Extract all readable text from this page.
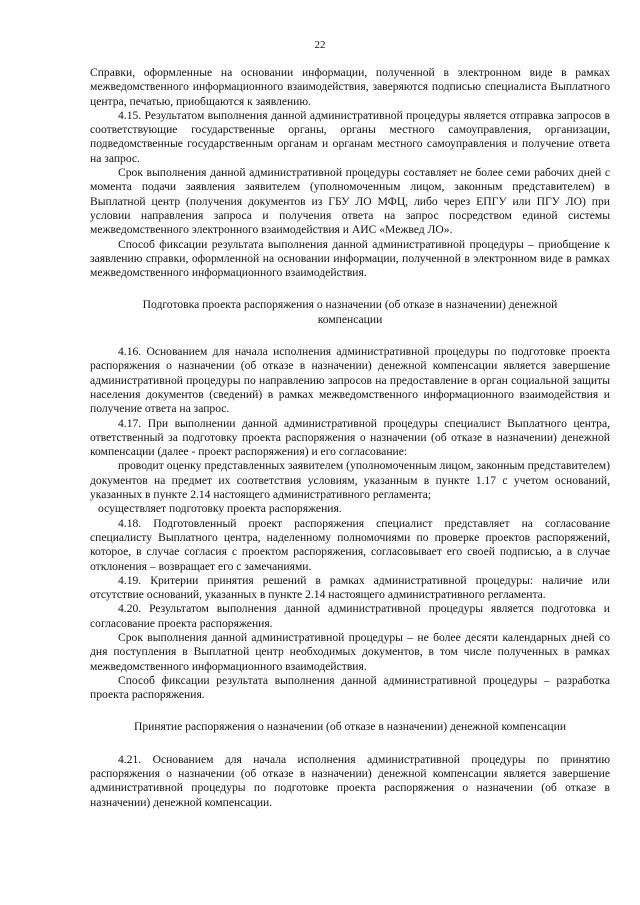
22

Справки, оформленные на основании информации, полученной в электронном виде в рамках межведомственного информационного взаимодействия, заверяются подписью специалиста Выплатного центра, печатью, приобщаются к заявлению.

4.15. Результатом выполнения данной административной процедуры является отправка запросов в соответствующие государственные органы, органы местного самоуправления, организации, подведомственные государственным органам и органам местного самоуправления и получение ответа на запрос.

Срок выполнения данной административной процедуры составляет не более семи рабочих дней с момента подачи заявления заявителем (уполномоченным лицом, законным представителем) в Выплатной центр (получения документов из ГБУ ЛО МФЦ, либо через ЕПГУ или ПГУ ЛО) при условии направления запроса и получения ответа на запрос посредством единой системы межведомственного электронного взаимодействия и АИС «Межвед ЛО».

Способ фиксации результата выполнения данной административной процедуры – приобщение к заявлению справки, оформленной на основании информации, полученной в электронном виде в рамках межведомственного информационного взаимодействия.

Подготовка проекта распоряжения о назначении (об отказе в назначении) денежной компенсации

4.16. Основанием для начала исполнения административной процедуры по подготовке проекта распоряжения о назначении (об отказе в назначении) денежной компенсации является завершение административной процедуры по направлению запросов на предоставление в орган социальной защиты населения документов (сведений) в рамках межведомственного информационного взаимодействия и получение ответа на запрос.

4.17. При выполнении данной административной процедуры специалист Выплатного центра, ответственный за подготовку проекта распоряжения о назначении (об отказе в назначении) денежной компенсации (далее - проект распоряжения) и его согласование:

проводит оценку представленных заявителем (уполномоченным лицом, законным представителем) документов на предмет их соответствия условиям, указанным в пункте 1.17 с учетом оснований, указанных в пункте 2.14 настоящего административного регламента;

осуществляет подготовку проекта распоряжения.

4.18. Подготовленный проект распоряжения специалист представляет на согласование специалисту Выплатного центра, наделенному полномочиями по проверке проектов распоряжений, которое, в случае согласия с проектом распоряжения, согласовывает его своей подписью, а в случае отклонения – возвращает его с замечаниями.

4.19. Критерии принятия решений в рамках административной процедуры: наличие или отсутствие оснований, указанных в пункте 2.14 настоящего административного регламента.

4.20. Результатом выполнения данной административной процедуры является подготовка и согласование проекта распоряжения.

Срок выполнения данной административной процедуры – не более десяти календарных дней со дня поступления в Выплатной центр необходимых документов, в том числе полученных в рамках межведомственного информационного взаимодействия.

Способ фиксации результата выполнения данной административной процедуры – разработка проекта распоряжения.

Принятие распоряжения о назначении (об отказе в назначении) денежной компенсации

4.21. Основанием для начала исполнения административной процедуры по принятию распоряжения о назначении (об отказе в назначении) денежной компенсации является завершение административной процедуры по подготовке проекта распоряжения о назначении (об отказе в назначении) денежной компенсации.
